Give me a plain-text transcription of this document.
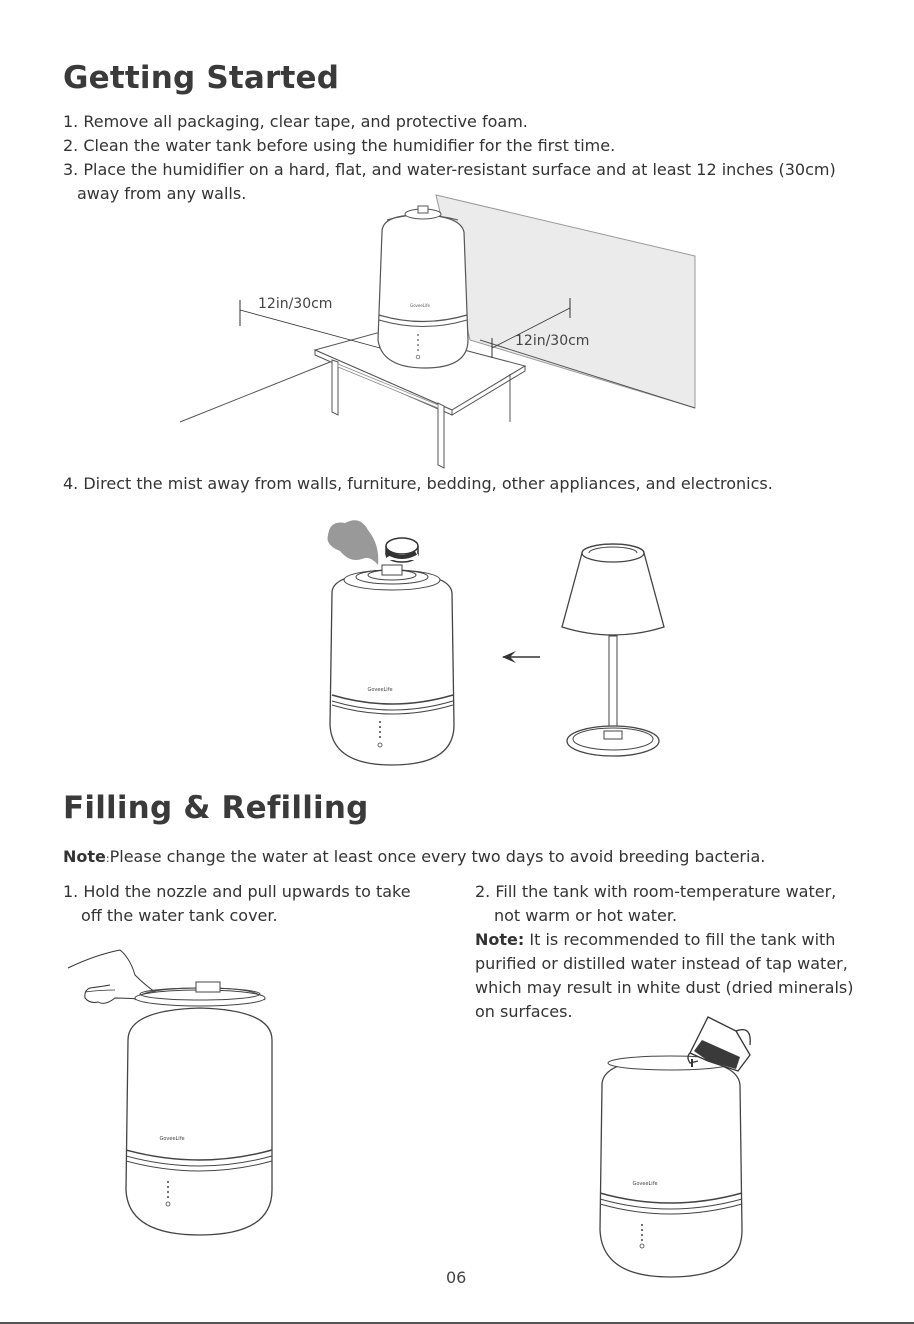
Getting Started
1. Remove all packaging, clear tape, and protective foam.
2. Clean the water tank before using the humidifier for the first time.
3. Place the humidifier on a hard, flat, and water-resistant surface and at least 12 inches (30cm)
away from any walls.
GoveeLife
12in/30cm
12in/30cm
4. Direct the mist away from walls, furniture, bedding, other appliances, and electronics.
GoveeLife
Filling & Refilling
Note:Please change the water at least once every two days to avoid breeding bacteria.
1. Hold the nozzle and pull upwards to take
off the water tank cover.
2. Fill the tank with room-temperature water,
not warm or hot water.
Note: It is recommended to fill the tank with
purified or distilled water instead of tap water,
which may result in white dust (dried minerals)
on surfaces.
GoveeLife
GoveeLife
06
